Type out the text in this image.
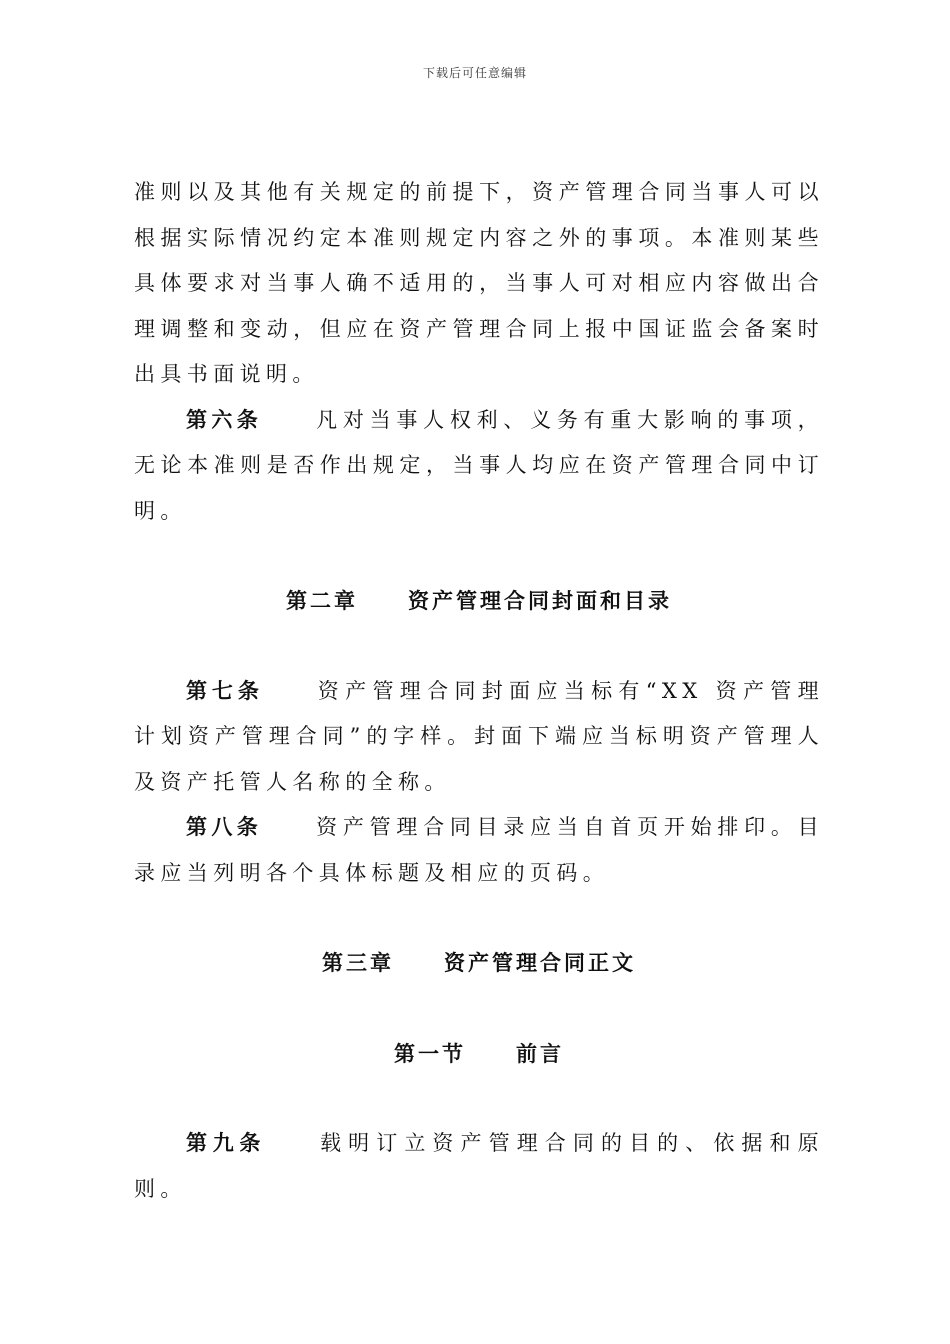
下载后可任意编辑

准则以及其他有关规定的前提下，资产管理合同当事人可以根据实际情况约定本准则规定内容之外的事项。本准则某些具体要求对当事人确不适用的，当事人可对相应内容做出合理调整和变动，但应在资产管理合同上报中国证监会备案时出具书面说明。

第六条	凡对当事人权利、义务有重大影响的事项，无论本准则是否作出规定，当事人均应在资产管理合同中订明。

第二章 资产管理合同封面和目录

第七条	资产管理合同封面应当标有“XX 资产管理计划资产管理合同”的字样。封面下端应当标明资产管理人及资产托管人名称的全称。

第八条	资产管理合同目录应当自首页开始排印。目录应当列明各个具体标题及相应的页码。

第三章 资产管理合同正文

第一节 前言

第九条	载明订立资产管理合同的目的、依据和原则。
